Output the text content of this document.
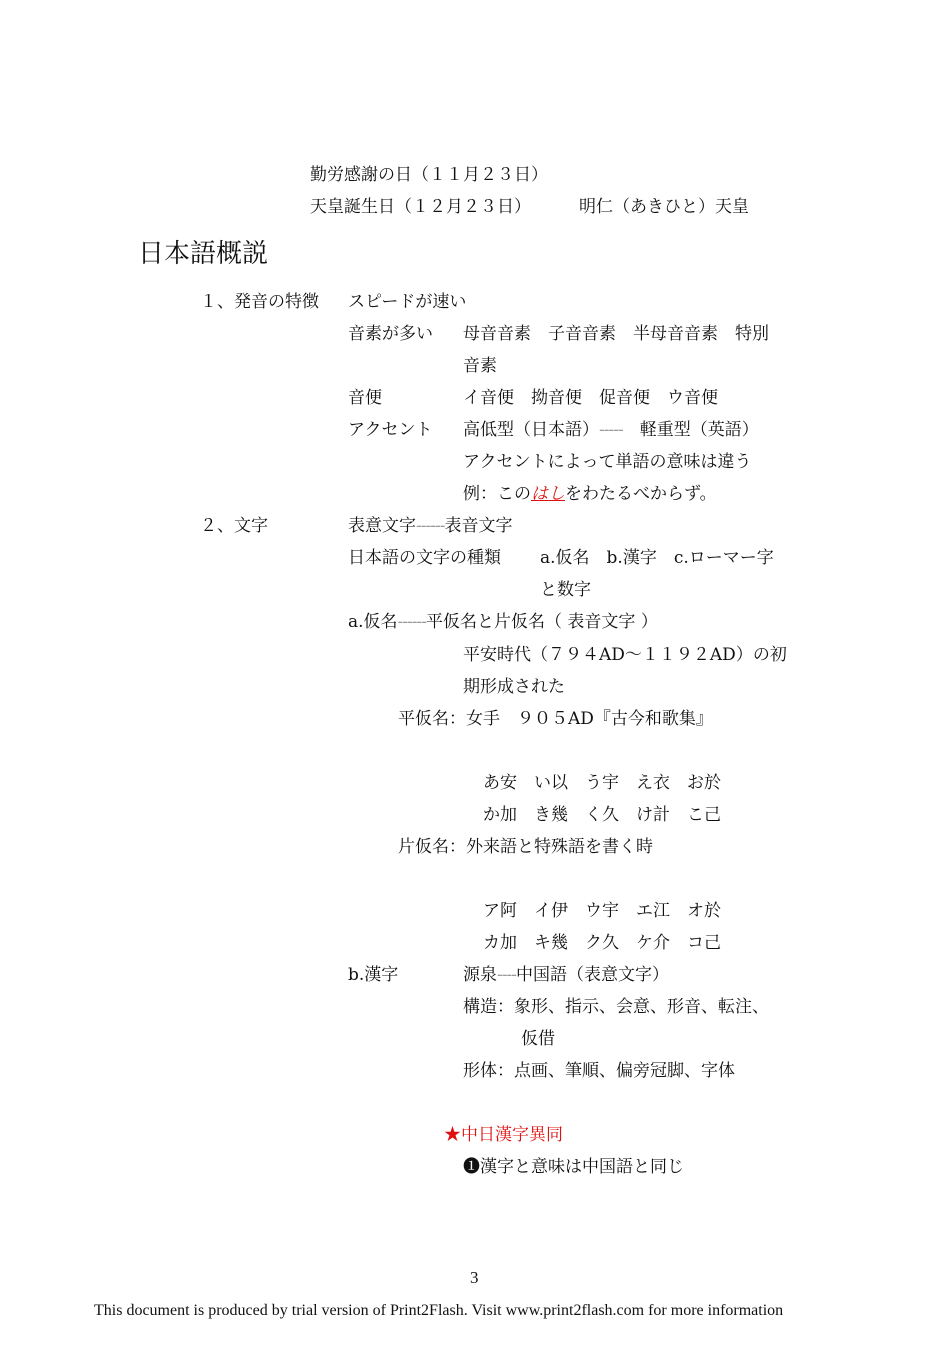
勤労感謝の日（１１月２３日）
天皇誕生日（１２月２３日）	明仁（あきひと）天皇
日本語概説
１、発音の特徴 スピードが速い
音素が多い 母音音素　子音音素　半母音音素　特別
音素
音便	イ音便　拗音便　促音便　ウ音便
アクセント 高低型（日本語）-----　軽重型（英語）
アクセントによって単語の意味は違う
例：このはしをわたるべからず。
２、文字	表意文字------表音文字
日本語の文字の種類 a.仮名　b.漢字　c.ローマー字
と数字
a.仮名------平仮名と片仮名（ 表音文字 ）
平安時代（７９４AD～１１９２AD）の初
期形成された
平仮名：女手　９０５AD『古今和歌集』
あ安　い以　う宇　え衣　お於
か加　き幾　く久　け計　こ己
片仮名：外来語と特殊語を書く時
ア阿　イ伊　ウ宇　エ江　オ於
カ加　キ幾　ク久　ケ介　コ己
b.漢字	源泉----中国語（表意文字）
構造：象形、指示、会意、形音、転注、
仮借
形体：点画、筆順、偏旁冠脚、字体
★中日漢字異同
❶漢字と意味は中国語と同じ
3
This document is produced by trial version of Print2Flash. Visit www.print2flash.com for more information
